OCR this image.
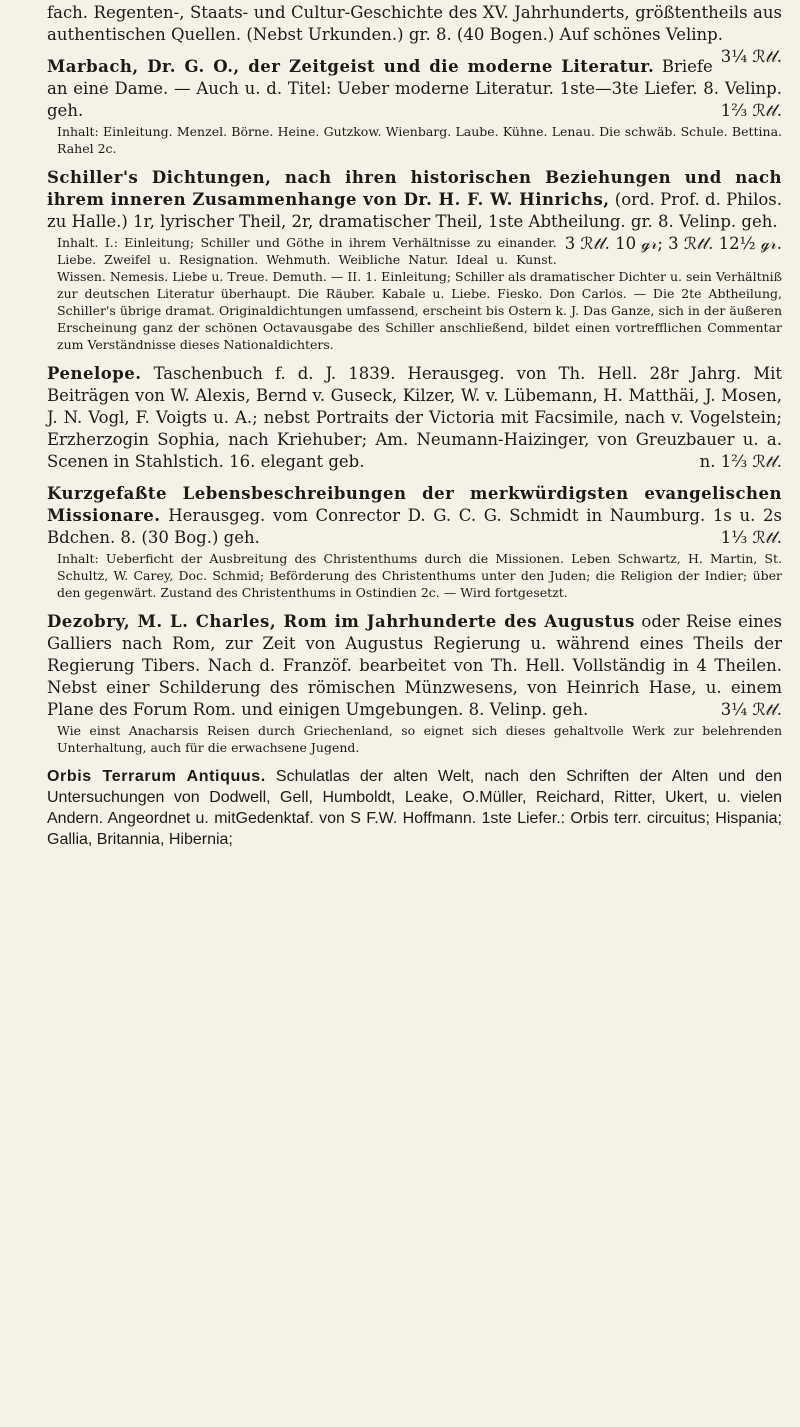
fach. Regenten-, Staats- und Cultur-Geschichte des XV. Jahrhunderts, größtentheils aus authentischen Quellen. (Nebst Urkunden.) gr. 8. (40 Bogen.) Auf schönes Velinp.
3¼ ℛ𝓉𝓁.
Marbach, Dr. G. O., der Zeitgeist und die moderne Literatur. Briefe an eine Dame. — Auch u. d. Titel: Ueber moderne Literatur. 1ste—3te Liefer. 8. Velinp. geh.	1⅔ ℛ𝓉𝓁.
Inhalt: Einleitung. Menzel. Börne. Heine. Gutzkow. Wienbarg. Laube. Kühne. Lenau. Die schwäb. Schule. Bettina. Rahel 2c.
Schiller's Dichtungen, nach ihren historischen Beziehungen und nach ihrem inneren Zusammenhange von Dr. H. F. W. Hinrichs, (ord. Prof. d. Philos. zu Halle.) 1r, lyrischer Theil, 2r, dramatischer Theil, 1ste Abtheilung. gr. 8. Velinp. geh.
3 ℛ𝓉𝓁. 10 ℊ𝓇; 3 ℛ𝓉𝓁. 12½ ℊ𝓇.
Inhalt. I.: Einleitung; Schiller und Göthe in ihrem Verhältnisse zu einander. Liebe. Zweifel u. Resignation. Wehmuth. Weibliche Natur. Ideal u. Kunst. Wissen. Nemesis. Liebe u. Treue. Demuth. — II. 1. Einleitung; Schiller als dramatischer Dichter u. sein Verhältniß zur deutschen Literatur überhaupt. Die Räuber. Kabale u. Liebe. Fiesko. Don Carlos. — Die 2te Abtheilung, Schiller's übrige dramat. Originaldichtungen umfassend, erscheint bis Ostern k. J. Das Ganze, sich in der äußeren Erscheinung ganz der schönen Octavausgabe des Schiller anschließend, bildet einen vortrefflichen Commentar zum Verständnisse dieses Nationaldichters.
Penelope. Taschenbuch f. d. J. 1839. Herausgeg. von Th. Hell. 28r Jahrg. Mit Beiträgen von W. Alexis, Bernd v. Guseck, Kilzer, W. v. Lübemann, H. Matthäi, J. Mosen, J. N. Vogl, F. Voigts u. A.; nebst Portraits der Victoria mit Facsimile, nach v. Vogelstein; Erzherzogin Sophia, nach Kriehuber; Am. Neumann-Haizinger, von Greuzbauer u. a. Scenen in Stahlstich. 16. elegant geb.	n. 1⅔ ℛ𝓉𝓁.
Kurzgefaßte Lebensbeschreibungen der merkwürdigsten evangelischen Missionare. Herausgeg. vom Conrector D. G. C. G. Schmidt in Naumburg. 1s u. 2s Bdchen. 8. (30 Bog.) geh.	1⅓ ℛ𝓉𝓁.
Inhalt: Ueberficht der Ausbreitung des Christenthums durch die Missionen. Leben Schwartz, H. Martin, St. Schultz, W. Carey, Doc. Schmid; Beförderung des Christenthums unter den Juden; die Religion der Indier; über den gegenwärt. Zustand des Christenthums in Ostindien 2c. — Wird fortgesetzt.
Dezobry, M. L. Charles, Rom im Jahrhunderte des Augustus oder Reise eines Galliers nach Rom, zur Zeit von Augustus Regierung u. während eines Theils der Regierung Tibers. Nach d. Franzöf. bearbeitet von Th. Hell. Vollständig in 4 Theilen. Nebst einer Schilderung des römischen Münzwesens, von Heinrich Hase, u. einem Plane des Forum Rom. und einigen Umgebungen. 8. Velinp. geh.	3¼ ℛ𝓉𝓁.
Wie einst Anacharsis Reisen durch Griechenland, so eignet sich dieses gehaltvolle Werk zur belehrenden Unterhaltung, auch für die erwachsene Jugend.
Orbis Terrarum Antiquus. Schulatlas der alten Welt, nach den Schriften der Alten und den Untersuchungen von Dodwell, Gell, Humboldt, Leake, O.Müller, Reichard, Ritter, Ukert, u. vielen Andern. Angeordnet u. mitGedenktaf. von S F.W. Hoffmann. 1ste Liefer.: Orbis terr. circuitus; Hispania; Gallia, Britannia, Hibernia;
